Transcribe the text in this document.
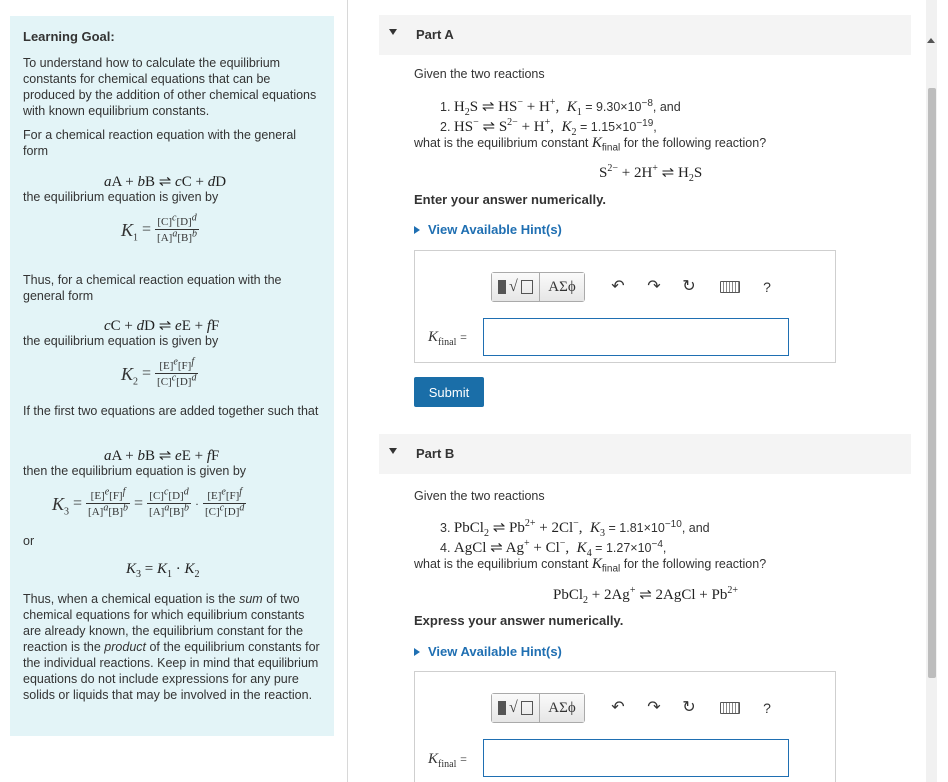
Learning Goal:
To understand how to calculate the equilibrium constants for chemical equations that can be produced by the addition of other chemical equations with known equilibrium constants.
For a chemical reaction equation with the general form
aA + bB ⇌ cC + dD
the equilibrium equation is given by
$K_1 = \frac{[C]^c[D]^d}{[A]^a[B]^b}$
Thus, for a chemical reaction equation with the general form
cC + dD ⇌ eE + fF
the equilibrium equation is given by
$K_2 = \frac{[E]^e[F]^f}{[C]^c[D]^d}$
If the first two equations are added together such that
aA + bB ⇌ eE + fF
then the equilibrium equation is given by
$K_3 = \frac{[E]^e[F]^f}{[A]^a[B]^b} = \frac{[C]^c[D]^d}{[A]^a[B]^b} \cdot \frac{[E]^e[F]^f}{[C]^c[D]^d}$
or
$K_3 = K_1 \cdot K_2$
Thus, when a chemical equation is the sum of two chemical equations for which equilibrium constants are already known, the equilibrium constant for the reaction is the product of the equilibrium constants for the individual reactions. Keep in mind that equilibrium equations do not include expressions for any pure solids or liquids that may be involved in the reaction.
Part A
Given the two reactions
1. $H_2S$ ⇌ HS− + H+,  $K_1 = 9.30\times 10^{-8}$, and
2. HS− ⇌ $S^{2-} + H^+$,  $K_2 = 1.15\times 10^{-19}$,
what is the equilibrium constant $K_{final}$ for the following reaction?
$S^{2-} + 2H^+$ ⇌ $H_2S$
Enter your answer numerically.
View Available Hint(s)
√	ΑΣϕ	↶ ↷ ↻	?
$K_{final}$ =
Submit
Part B
Given the two reactions
3. PbCl$_2$ ⇌ $Pb^{2+} + 2Cl^-$,  $K_3 = 1.81\times 10^{-10}$, and
4. AgCl ⇌ Ag+ + Cl−,  $K_4 = 1.27\times 10^{-4}$,
what is the equilibrium constant $K_{final}$ for the following reaction?
PbCl$_2$ + 2Ag+ ⇌ 2AgCl + $Pb^{2+}$
Express your answer numerically.
View Available Hint(s)
√	ΑΣϕ	↶ ↷ ↻	?
$K_{final}$ =
